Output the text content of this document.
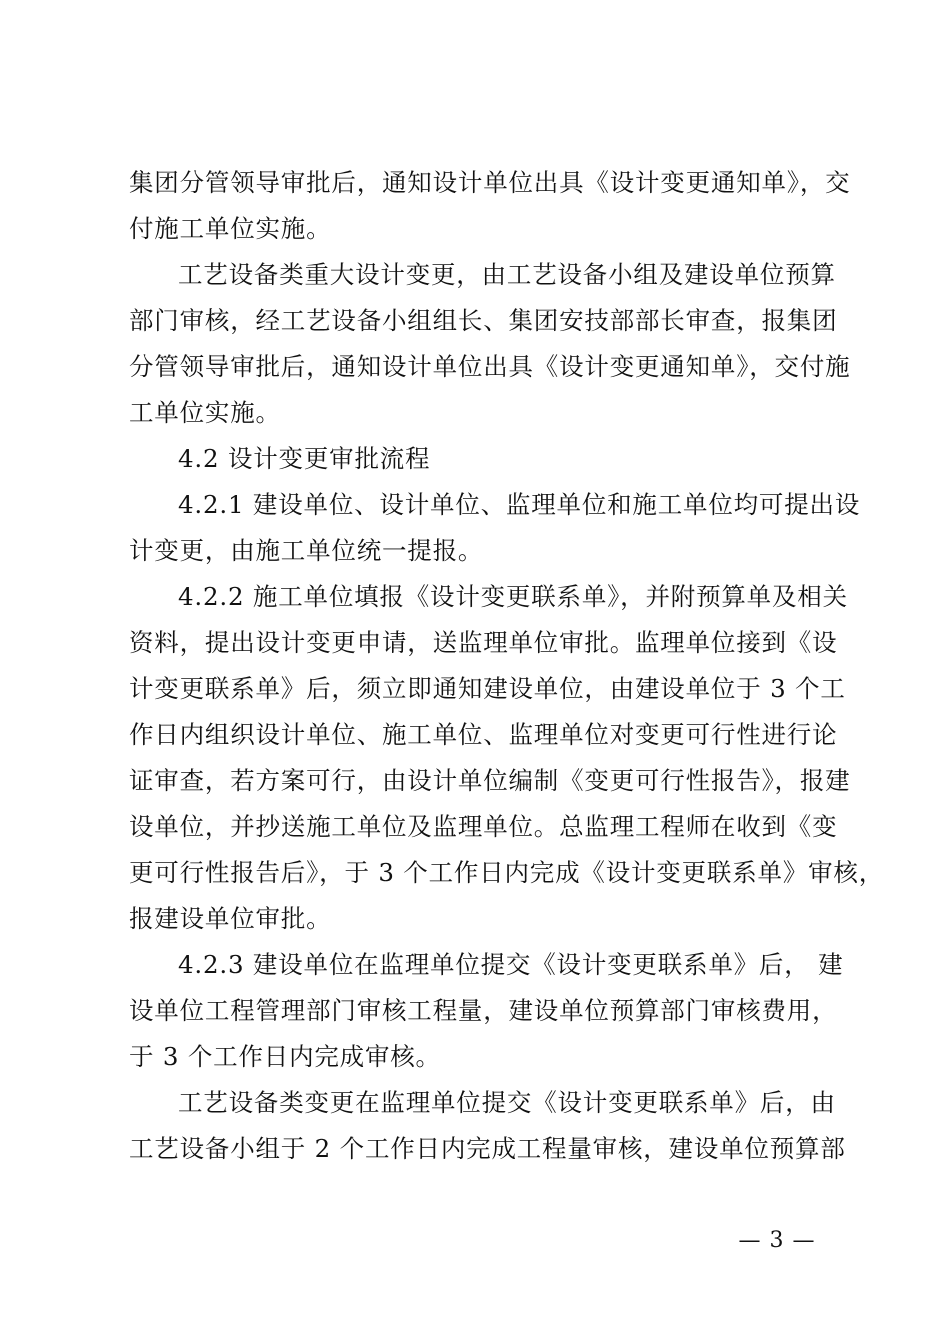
集团分管领导审批后，通知设计单位出具《设计变更通知单》，交
付施工单位实施。
工艺设备类重大设计变更，由工艺设备小组及建设单位预算
部门审核，经工艺设备小组组长、集团安技部部长审查，报集团
分管领导审批后，通知设计单位出具《设计变更通知单》，交付施
工单位实施。
4.2 设计变更审批流程
4.2.1 建设单位、设计单位、监理单位和施工单位均可提出设
计变更，由施工单位统一提报。
4.2.2 施工单位填报《设计变更联系单》，并附预算单及相关
资料，提出设计变更申请，送监理单位审批。监理单位接到《设
计变更联系单》后，须立即通知建设单位，由建设单位于 3 个工
作日内组织设计单位、施工单位、监理单位对变更可行性进行论
证审查，若方案可行，由设计单位编制《变更可行性报告》，报建
设单位，并抄送施工单位及监理单位。总监理工程师在收到《变
更可行性报告后》，于 3 个工作日内完成《设计变更联系单》审核，
报建设单位审批。
4.2.3 建设单位在监理单位提交《设计变更联系单》后， 建
设单位工程管理部门审核工程量，建设单位预算部门审核费用，
于 3 个工作日内完成审核。
工艺设备类变更在监理单位提交《设计变更联系单》后，由
工艺设备小组于 2 个工作日内完成工程量审核，建设单位预算部
— 3 —
